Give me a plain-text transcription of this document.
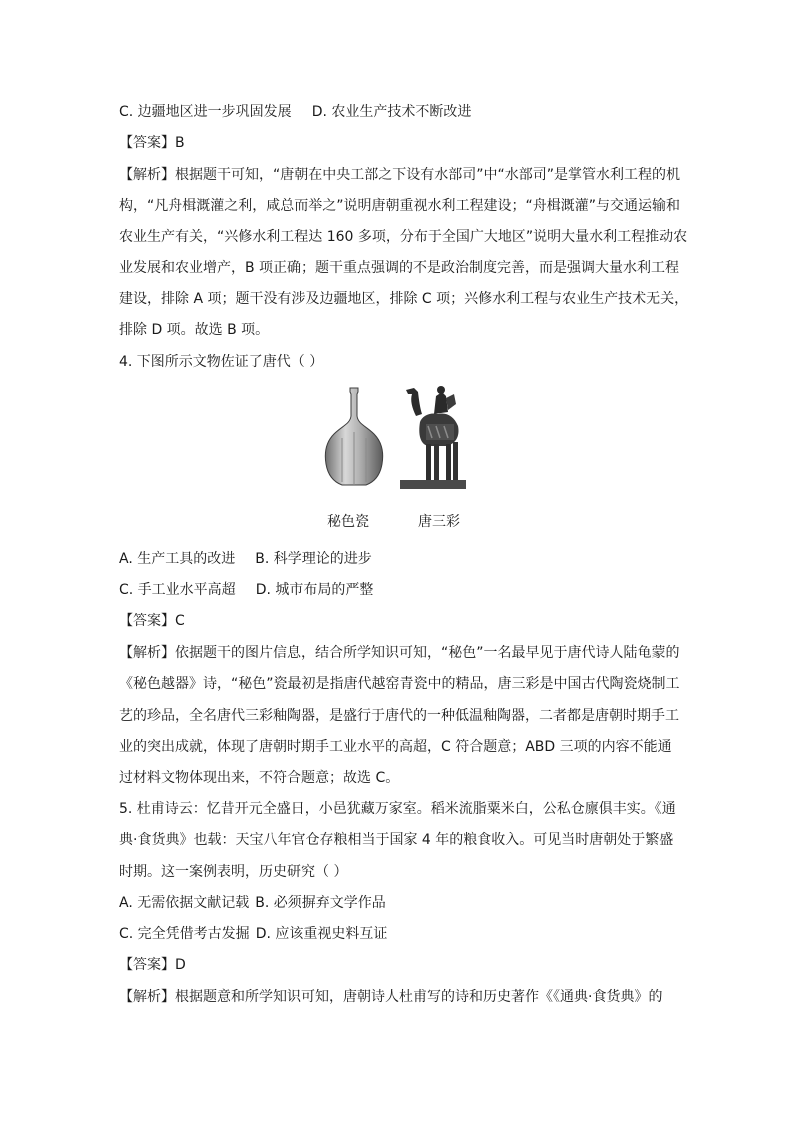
C. 边疆地区进一步巩固发展 D. 农业生产技术不断改进
【答案】B
【解析】根据题干可知，“唐朝在中央工部之下设有水部司”中“水部司”是掌管水利工程的机
构，“凡舟楫溉灌之利，咸总而举之”说明唐朝重视水利工程建设；“舟楫溉灌”与交通运输和
农业生产有关，“兴修水利工程达 160 多项，分布于全国广大地区”说明大量水利工程推动农
业发展和农业增产，B 项正确；题干重点强调的不是政治制度完善，而是强调大量水利工程
建设，排除 A 项；题干没有涉及边疆地区，排除 C 项；兴修水利工程与农业生产技术无关，
排除 D 项。故选 B 项。
4. 下图所示文物佐证了唐代（ ）
秘色瓷	唐三彩
A. 生产工具的改进 B. 科学理论的进步
C. 手工业水平高超 D. 城市布局的严整
【答案】C
【解析】依据题干的图片信息，结合所学知识可知，“秘色”一名最早见于唐代诗人陆龟蒙的
《秘色越器》诗，“秘色”瓷最初是指唐代越窑青瓷中的精品，唐三彩是中国古代陶瓷烧制工
艺的珍品，全名唐代三彩釉陶器，是盛行于唐代的一种低温釉陶器，二者都是唐朝时期手工
业的突出成就，体现了唐朝时期手工业水平的高超，C 符合题意；ABD 三项的内容不能通
过材料文物体现出来，不符合题意；故选 C。
5. 杜甫诗云：忆昔开元全盛日，小邑犹藏万家室。稻米流脂粟米白，公私仓廪俱丰实。《通
典·食货典》也载：天宝八年官仓存粮相当于国家 4 年的粮食收入。可见当时唐朝处于繁盛
时期。这一案例表明，历史研究（ ）
A. 无需依据文献记载 B. 必须摒弃文学作品
C. 完全凭借考古发掘 D. 应该重视史料互证
【答案】D
【解析】根据题意和所学知识可知，唐朝诗人杜甫写的诗和历史著作《《通典·食货典》的
